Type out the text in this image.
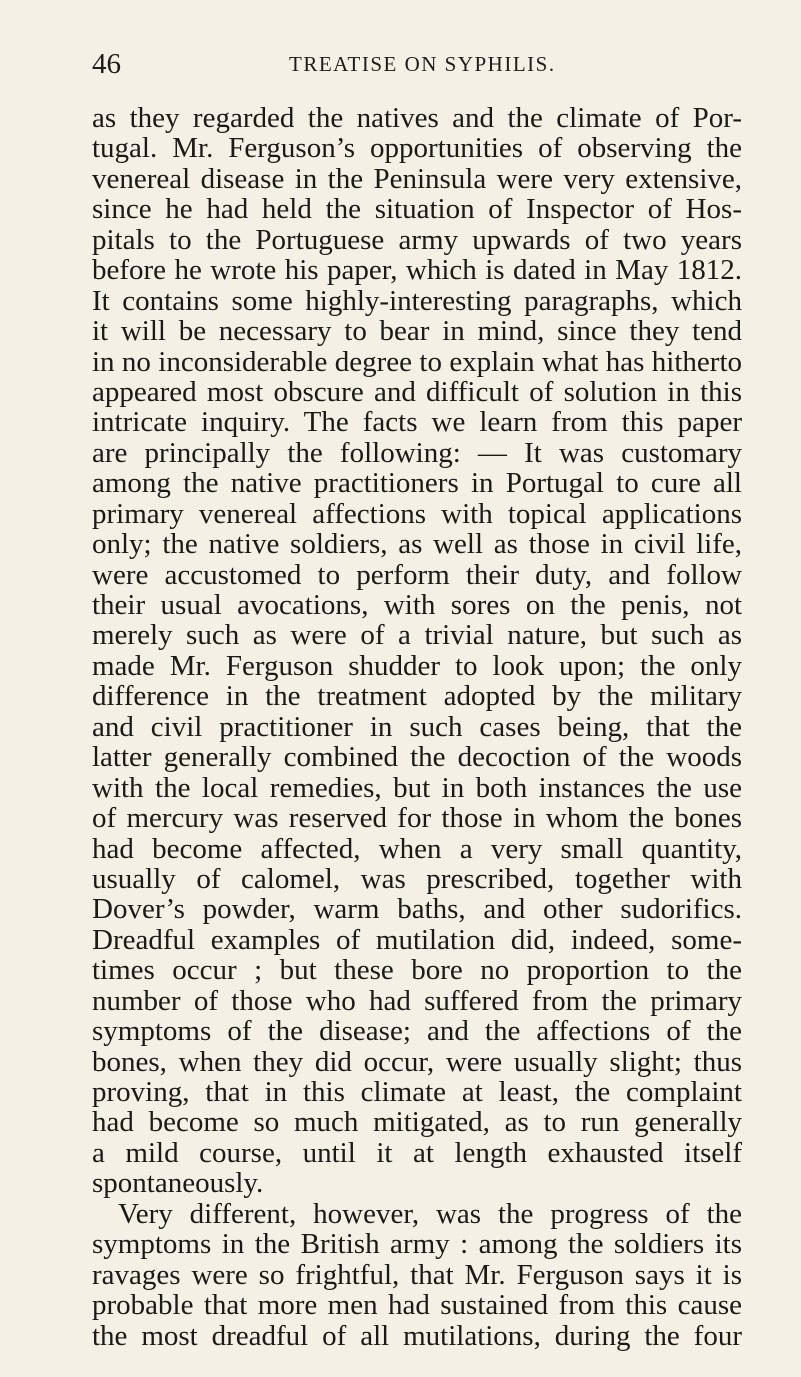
46	TREATISE ON SYPHILIS.
as they regarded the natives and the climate of Por-
tugal. Mr. Ferguson’s opportunities of observing the
venereal disease in the Peninsula were very extensive,
since he had held the situation of Inspector of Hos-
pitals to the Portuguese army upwards of two years
before he wrote his paper, which is dated in May 1812.
It contains some highly-interesting paragraphs, which
it will be necessary to bear in mind, since they tend
in no inconsiderable degree to explain what has hitherto
appeared most obscure and difficult of solution in this
intricate inquiry. The facts we learn from this paper
are principally the following: — It was customary
among the native practitioners in Portugal to cure all
primary venereal affections with topical applications
only; the native soldiers, as well as those in civil life,
were accustomed to perform their duty, and follow
their usual avocations, with sores on the penis, not
merely such as were of a trivial nature, but such as
made Mr. Ferguson shudder to look upon; the only
difference in the treatment adopted by the military
and civil practitioner in such cases being, that the
latter generally combined the decoction of the woods
with the local remedies, but in both instances the use
of mercury was reserved for those in whom the bones
had become affected, when a very small quantity,
usually of calomel, was prescribed, together with
Dover’s powder, warm baths, and other sudorifics.
Dreadful examples of mutilation did, indeed, some-
times occur ; but these bore no proportion to the
number of those who had suffered from the primary
symptoms of the disease; and the affections of the
bones, when they did occur, were usually slight; thus
proving, that in this climate at least, the complaint
had become so much mitigated, as to run generally
a mild course, until it at length exhausted itself
spontaneously.
Very different, however, was the progress of the
symptoms in the British army : among the soldiers its
ravages were so frightful, that Mr. Ferguson says it is
probable that more men had sustained from this cause
the most dreadful of all mutilations, during the four
